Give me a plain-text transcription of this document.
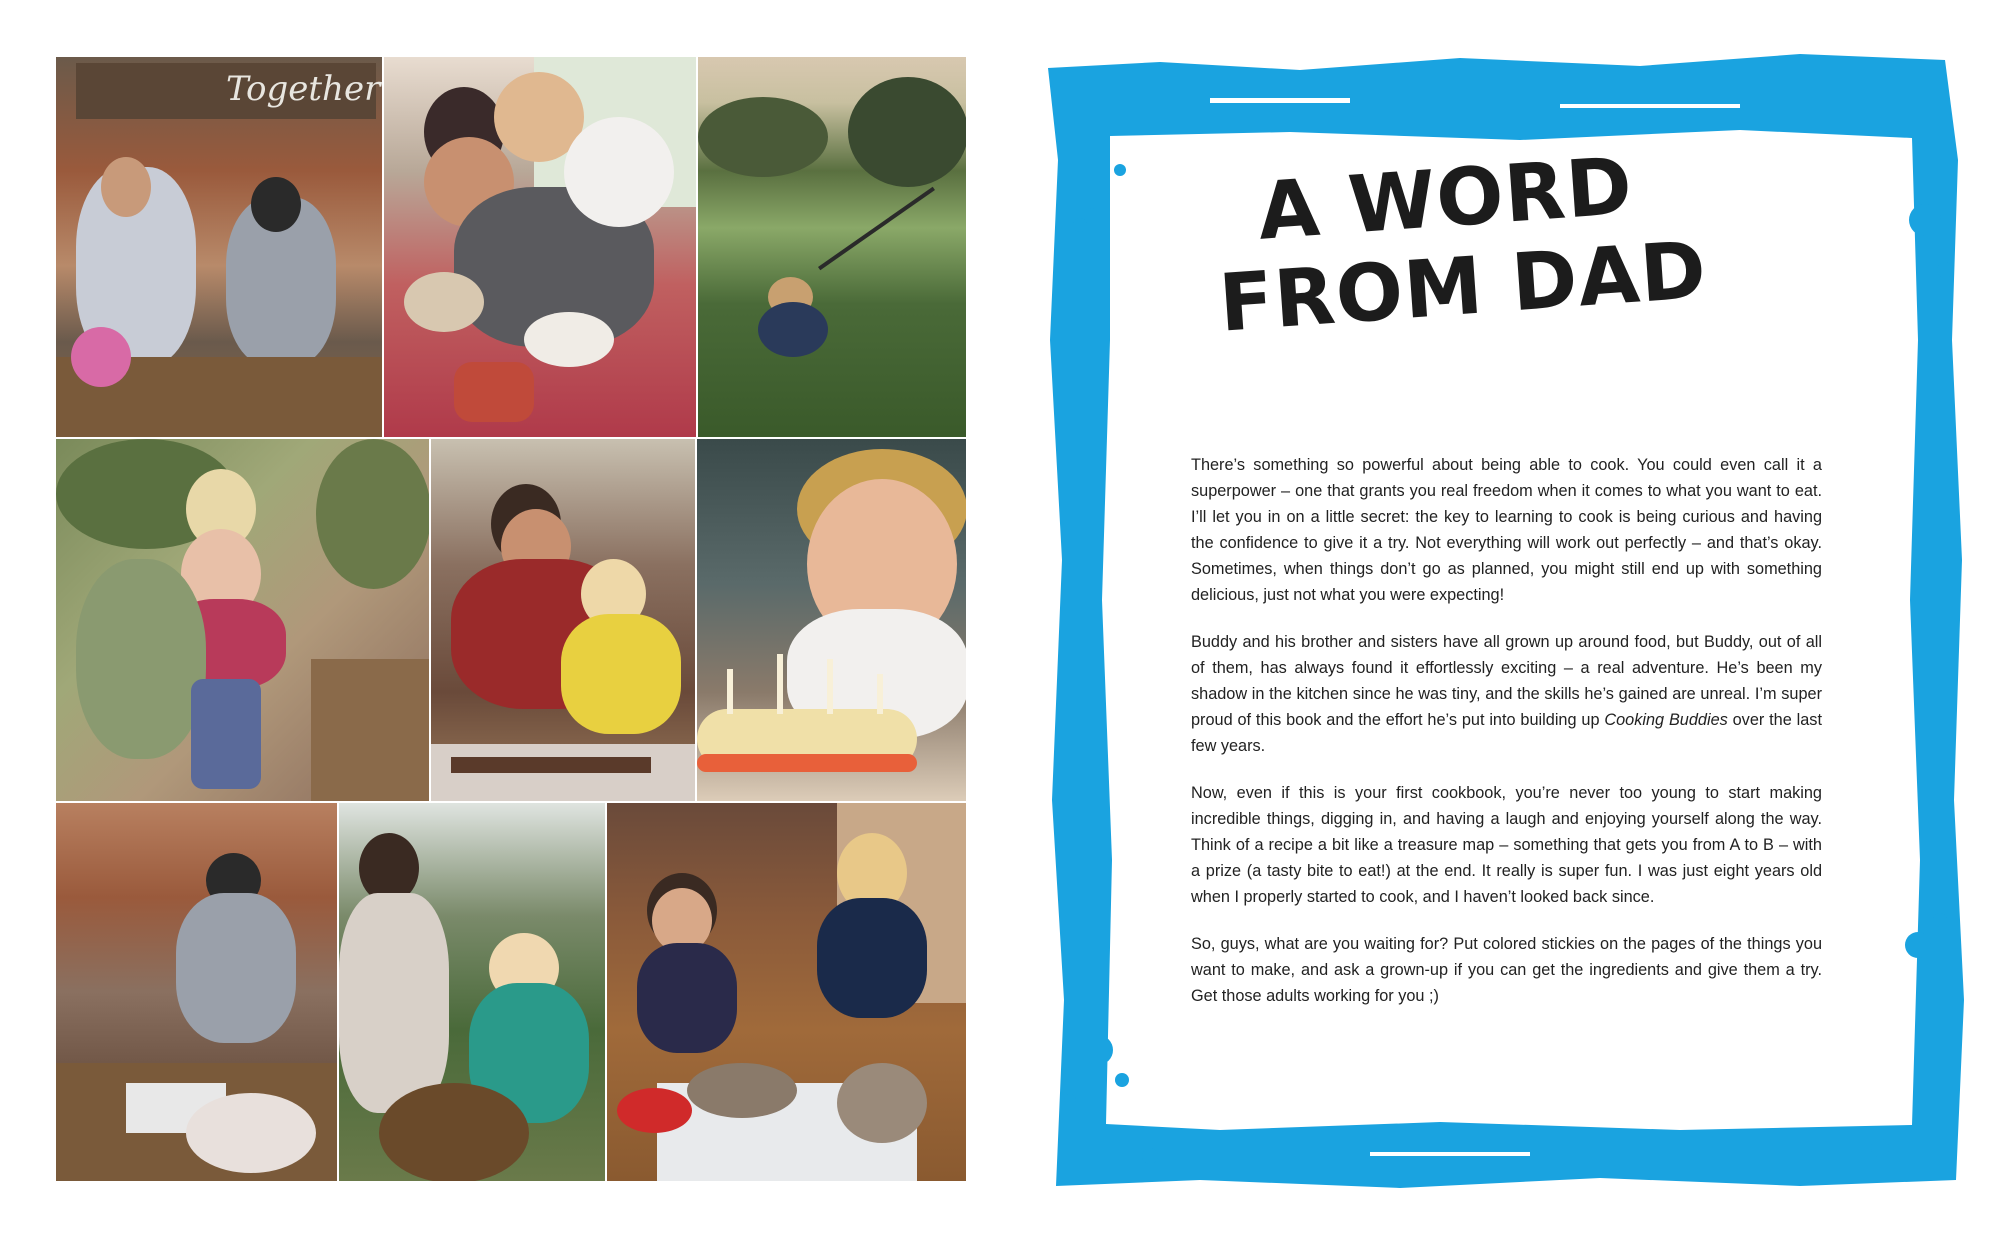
Together
A WORD
FROM DAD

There’s something so powerful about being able to cook. You could even call it a superpower – one that grants you real freedom when it comes to what you want to eat. I’ll let you in on a little secret: the key to learning to cook is being curious and having the confidence to give it a try. Not everything will work out perfectly – and that’s okay. Sometimes, when things don’t go as planned, you might still end up with something delicious, just not what you were expecting!

Buddy and his brother and sisters have all grown up around food, but Buddy, out of all of them, has always found it effortlessly exciting – a real adventure. He’s been my shadow in the kitchen since he was tiny, and the skills he’s gained are unreal. I’m super proud of this book and the effort he’s put into building up Cooking Buddies over the last few years.

Now, even if this is your first cookbook, you’re never too young to start making incredible things, digging in, and having a laugh and enjoying yourself along the way. Think of a recipe a bit like a treasure map – something that gets you from A to B – with a prize (a tasty bite to eat!) at the end. It really is super fun. I was just eight years old when I properly started to cook, and I haven’t looked back since.

So, guys, what are you waiting for? Put colored stickies on the pages of the things you want to make, and ask a grown-up if you can get the ingredients and give them a try. Get those adults working for you ;)
